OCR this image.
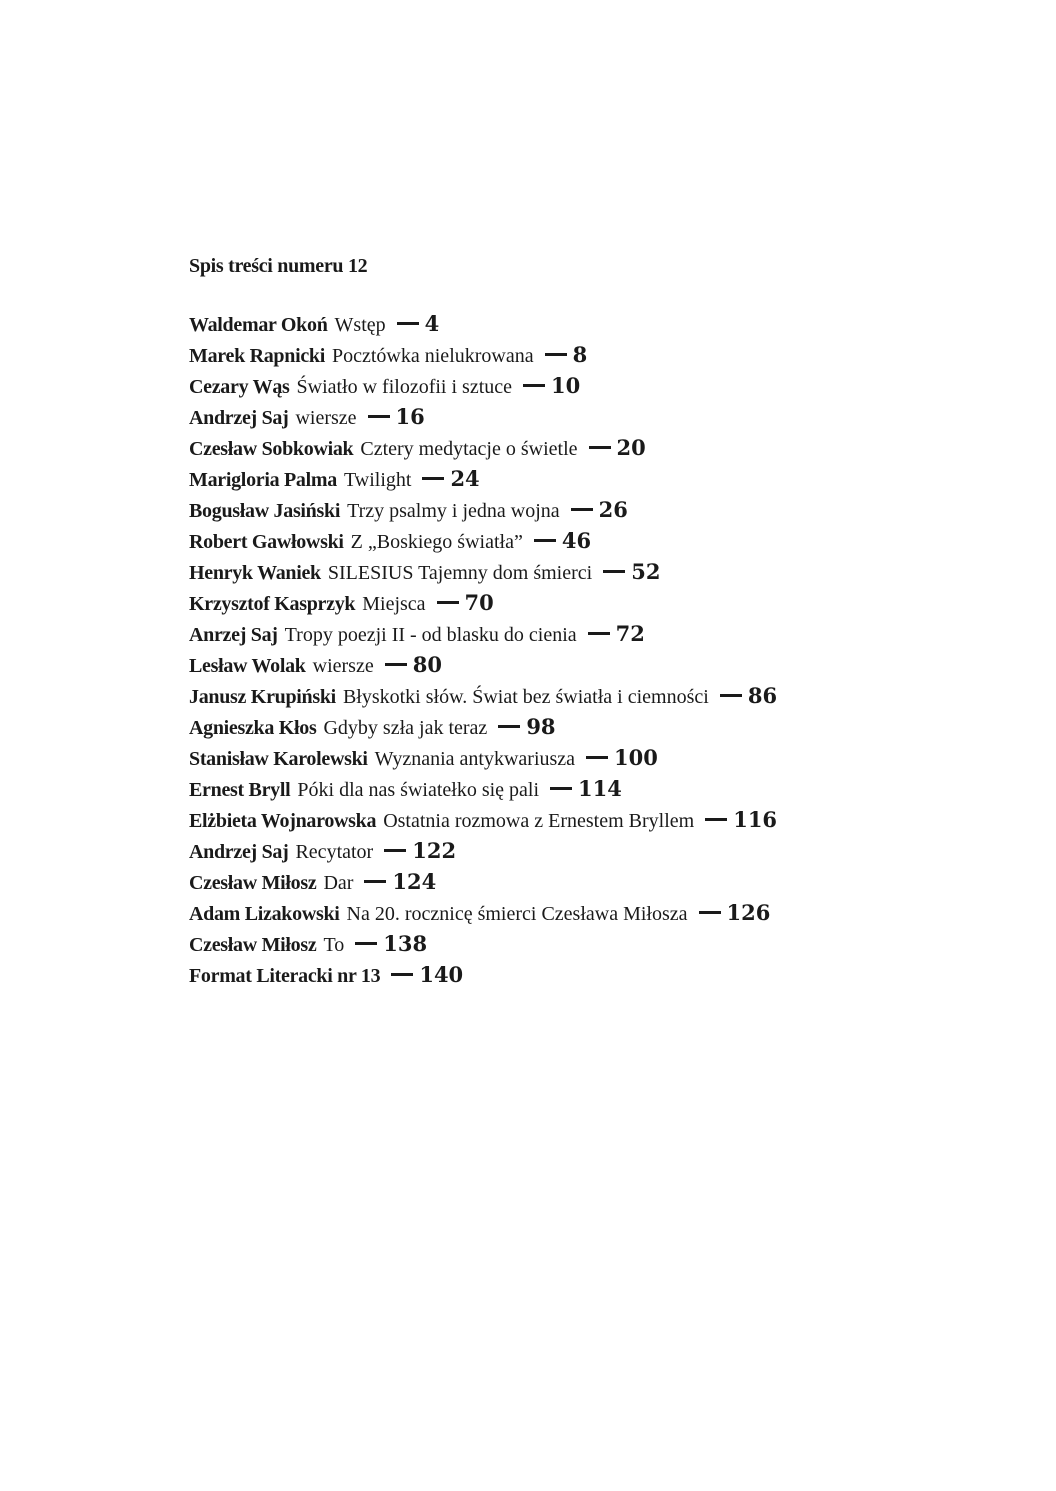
Spis treści numeru 12
Waldemar Okoń Wstęp 4
Marek Rapnicki Pocztówka nielukrowana 8
Cezary Wąs Światło w filozofii i sztuce 10
Andrzej Saj wiersze 16
Czesław Sobkowiak Cztery medytacje o świetle 20
Marigloria Palma Twilight 24
Bogusław Jasiński Trzy psalmy i jedna wojna 26
Robert Gawłowski Z „Boskiego światła” 46
Henryk Waniek SILESIUS Tajemny dom śmierci 52
Krzysztof Kasprzyk Miejsca 70
Anrzej Saj Tropy poezji II - od blasku do cienia 72
Lesław Wolak wiersze 80
Janusz Krupiński Błyskotki słów. Świat bez światła i ciemności 86
Agnieszka Kłos Gdyby szła jak teraz 98
Stanisław Karolewski Wyznania antykwariusza 100
Ernest Bryll Póki dla nas światełko się pali 114
Elżbieta Wojnarowska Ostatnia rozmowa z Ernestem Bryllem 116
Andrzej Saj Recytator 122
Czesław Miłosz Dar 124
Adam Lizakowski Na 20. rocznicę śmierci Czesława Miłosza 126
Czesław Miłosz To 138
Format Literacki nr 13 140
